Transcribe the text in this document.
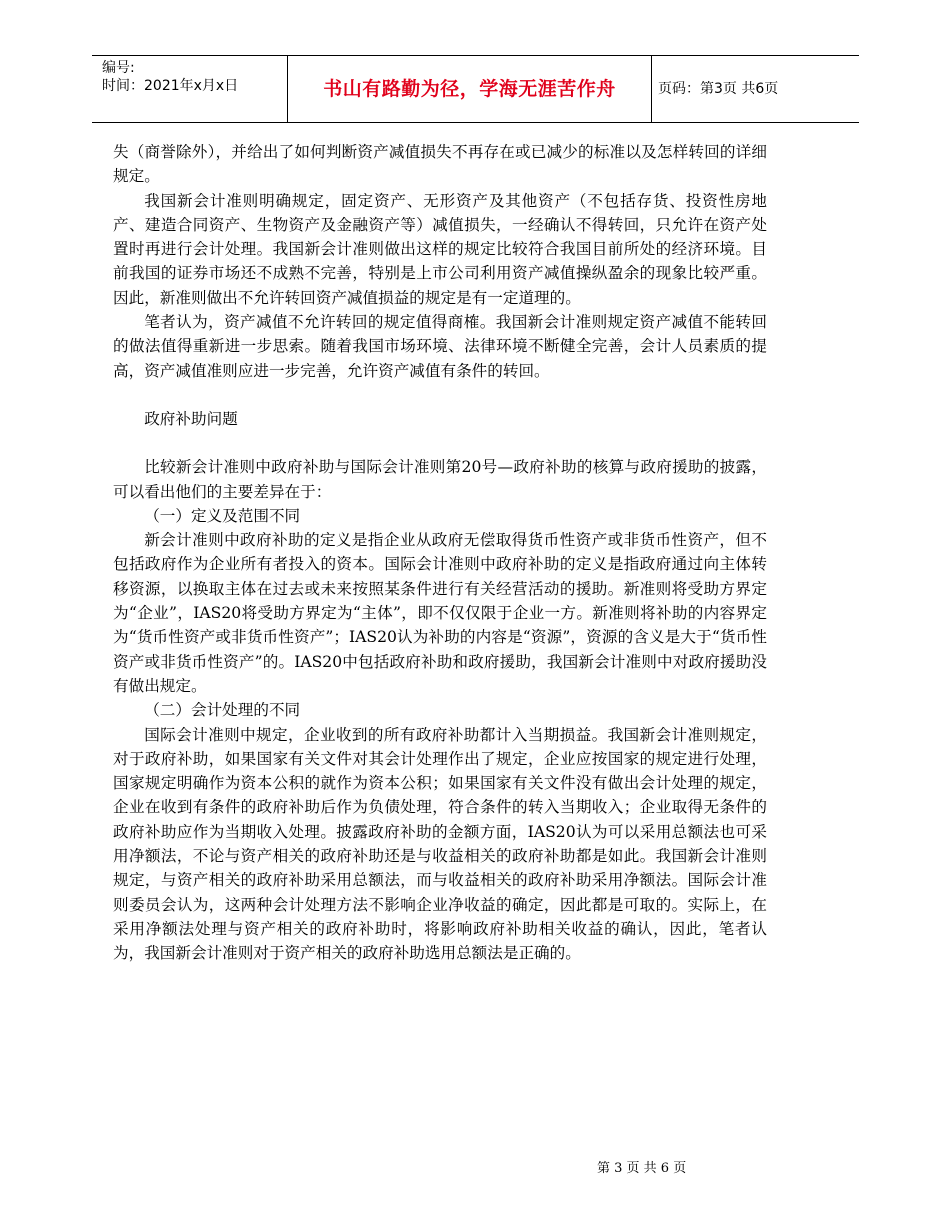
编号:
时间：2021年x月x日	书山有路勤为径，学海无涯苦作舟	页码：第3页 共6页

失（商誉除外），并给出了如何判断资产减值损失不再存在或已减少的标准以及怎样转回的详细规定。

我国新会计准则明确规定，固定资产、无形资产及其他资产（不包括存货、投资性房地产、建造合同资产、生物资产及金融资产等）减值损失，一经确认不得转回，只允许在资产处置时再进行会计处理。我国新会计准则做出这样的规定比较符合我国目前所处的经济环境。目前我国的证券市场还不成熟不完善，特别是上市公司利用资产减值操纵盈余的现象比较严重。因此，新准则做出不允许转回资产减值损益的规定是有一定道理的。

笔者认为，资产减值不允许转回的规定值得商榷。我国新会计准则规定资产减值不能转回的做法值得重新进一步思索。随着我国市场环境、法律环境不断健全完善，会计人员素质的提高，资产减值准则应进一步完善，允许资产减值有条件的转回。

政府补助问题

比较新会计准则中政府补助与国际会计准则第20号—政府补助的核算与政府援助的披露，可以看出他们的主要差异在于：

（一）定义及范围不同

新会计准则中政府补助的定义是指企业从政府无偿取得货币性资产或非货币性资产，但不包括政府作为企业所有者投入的资本。国际会计准则中政府补助的定义是指政府通过向主体转移资源，以换取主体在过去或未来按照某条件进行有关经营活动的援助。新准则将受助方界定为“企业”，IAS20将受助方界定为“主体”，即不仅仅限于企业一方。新准则将补助的内容界定为“货币性资产或非货币性资产”；IAS20认为补助的内容是“资源”，资源的含义是大于“货币性资产或非货币性资产”的。IAS20中包括政府补助和政府援助，我国新会计准则中对政府援助没有做出规定。

（二）会计处理的不同

国际会计准则中规定，企业收到的所有政府补助都计入当期损益。我国新会计准则规定，对于政府补助，如果国家有关文件对其会计处理作出了规定，企业应按国家的规定进行处理，国家规定明确作为资本公积的就作为资本公积；如果国家有关文件没有做出会计处理的规定，企业在收到有条件的政府补助后作为负债处理，符合条件的转入当期收入；企业取得无条件的政府补助应作为当期收入处理。披露政府补助的金额方面，IAS20认为可以采用总额法也可采用净额法，不论与资产相关的政府补助还是与收益相关的政府补助都是如此。我国新会计准则规定，与资产相关的政府补助采用总额法，而与收益相关的政府补助采用净额法。国际会计准则委员会认为，这两种会计处理方法不影响企业净收益的确定，因此都是可取的。实际上，在采用净额法处理与资产相关的政府补助时，将影响政府补助相关收益的确认，因此，笔者认为，我国新会计准则对于资产相关的政府补助选用总额法是正确的。

第 3 页 共 6 页
